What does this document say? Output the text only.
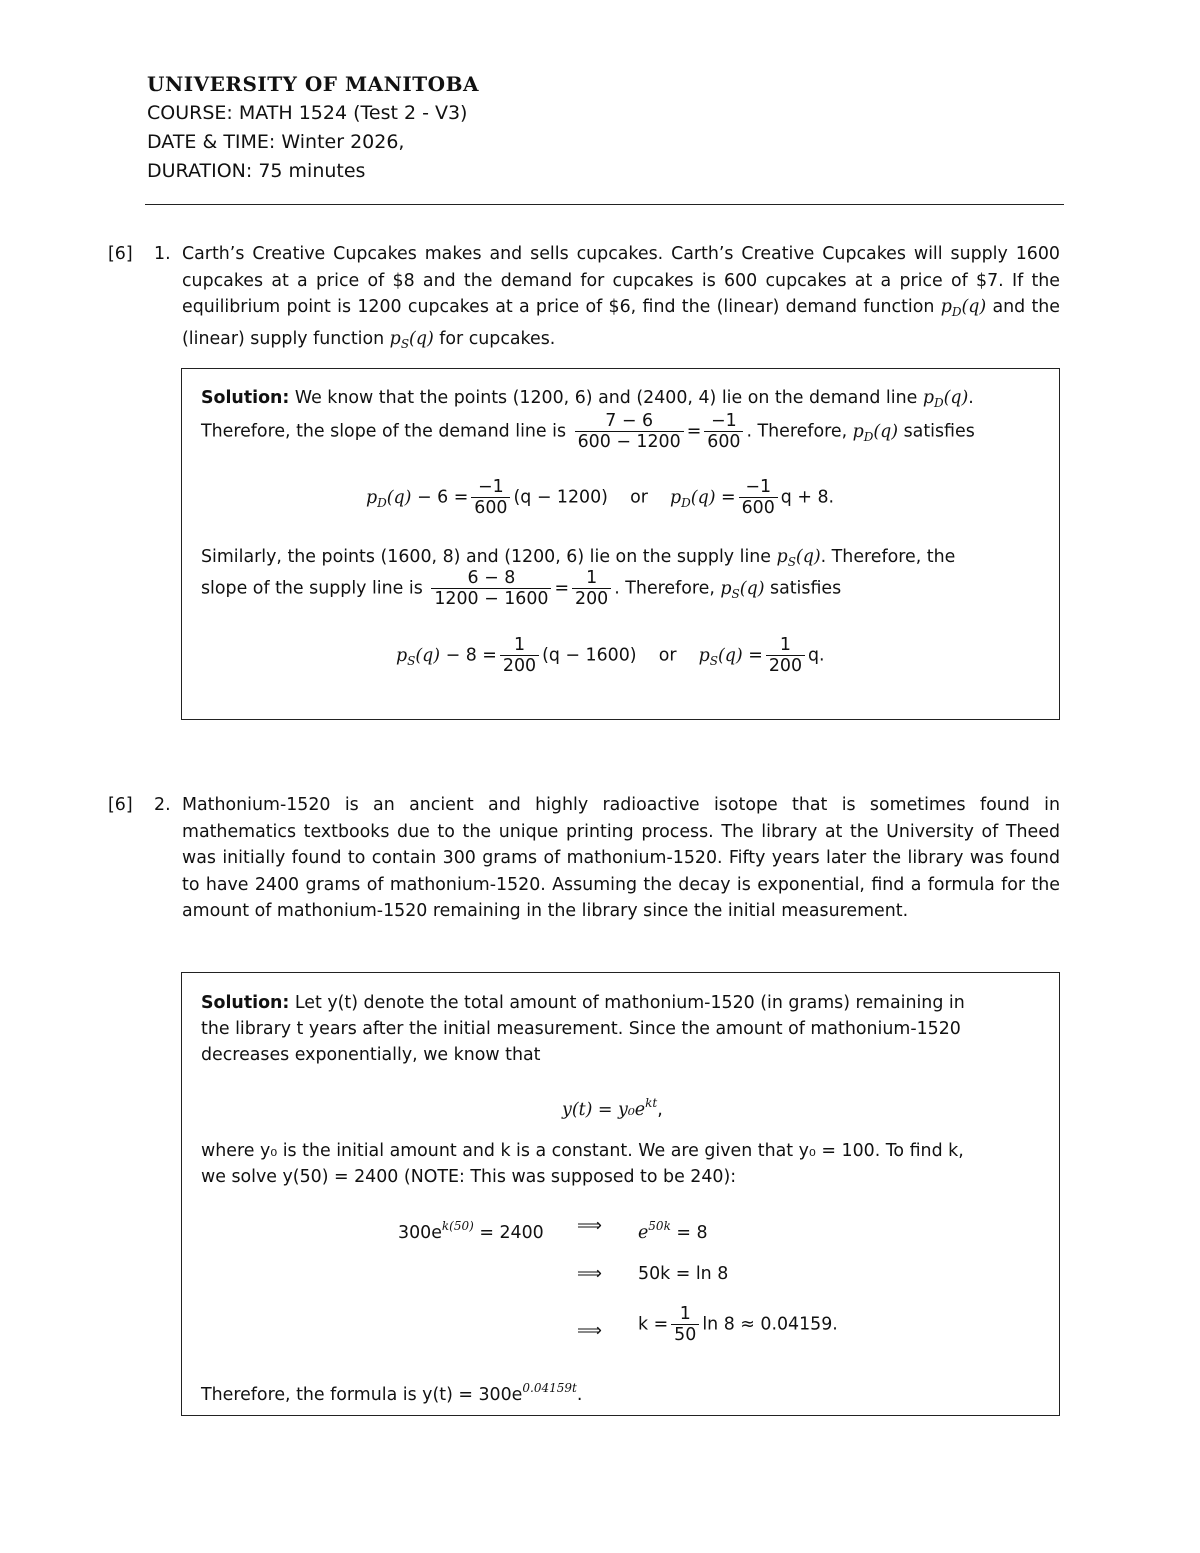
UNIVERSITY OF MANITOBA
COURSE: MATH 1524 (Test 2 - V3)
DATE & TIME: Winter 2026,
DURATION: 75 minutes
[6] 1. Carth’s Creative Cupcakes makes and sells cupcakes. Carth’s Creative Cupcakes will supply 1600 cupcakes at a price of $8 and the demand for cupcakes is 600 cupcakes at a price of $7. If the equilibrium point is 1200 cupcakes at a price of $6, find the (linear) demand function $p_D(q)$ and the (linear) supply function $p_S(q)$ for cupcakes.
Solution: We know that the points (1200, 6) and (2400, 4) lie on the demand line $p_D(q)$.
Therefore, the slope of the demand line is $\frac{7 - 6}{600 - 1200} = \frac{-1}{600}$ . Therefore, $p_D(q)$ satisfies
$p_D(q) - 6 = \frac{-1}{600} (q - 1200)$ or $p_D(q) = \frac{-1}{600}$ q + 8.
Similarly, the points (1600, 8) and (1200, 6) lie on the supply line $p_S(q)$. Therefore, the
slope of the supply line is $\frac{6 - 8}{1200 - 1600} = \frac{1}{200}$ . Therefore, $p_S(q)$ satisfies
$p_S(q) - 8 = \frac{1}{200} (q - 1600)$ or $p_S(q) = \frac{1}{200} q$.
[6] 2. Mathonium-1520 is an ancient and highly radioactive isotope that is sometimes found in mathematics textbooks due to the unique printing process. The library at the University of Theed was initially found to contain 300 grams of mathonium-1520. Fifty years later the library was found to have 2400 grams of mathonium-1520. Assuming the decay is exponential, find a formula for the amount of mathonium-1520 remaining in the library since the initial measurement.
Solution: Let y(t) denote the total amount of mathonium-1520 (in grams) remaining in
the library t years after the initial measurement. Since the amount of mathonium-1520
decreases exponentially, we know that
$y(t) = y_0e^{kt}$,
where y₀ is the initial amount and k is a constant. We are given that y₀ = 100. To find k,
we solve y(50) = 2400 (NOTE: This was supposed to be 240):
$300e^{k(50)} = 2400$ ⟹ $e^{50k} = 8$
⟹ 50k = ln 8
⟹ $k = \frac{1}{50}$ ln 8 ≈ 0.04159.
Therefore, the formula is $y(t) = 300e^{0.04159t}$.
